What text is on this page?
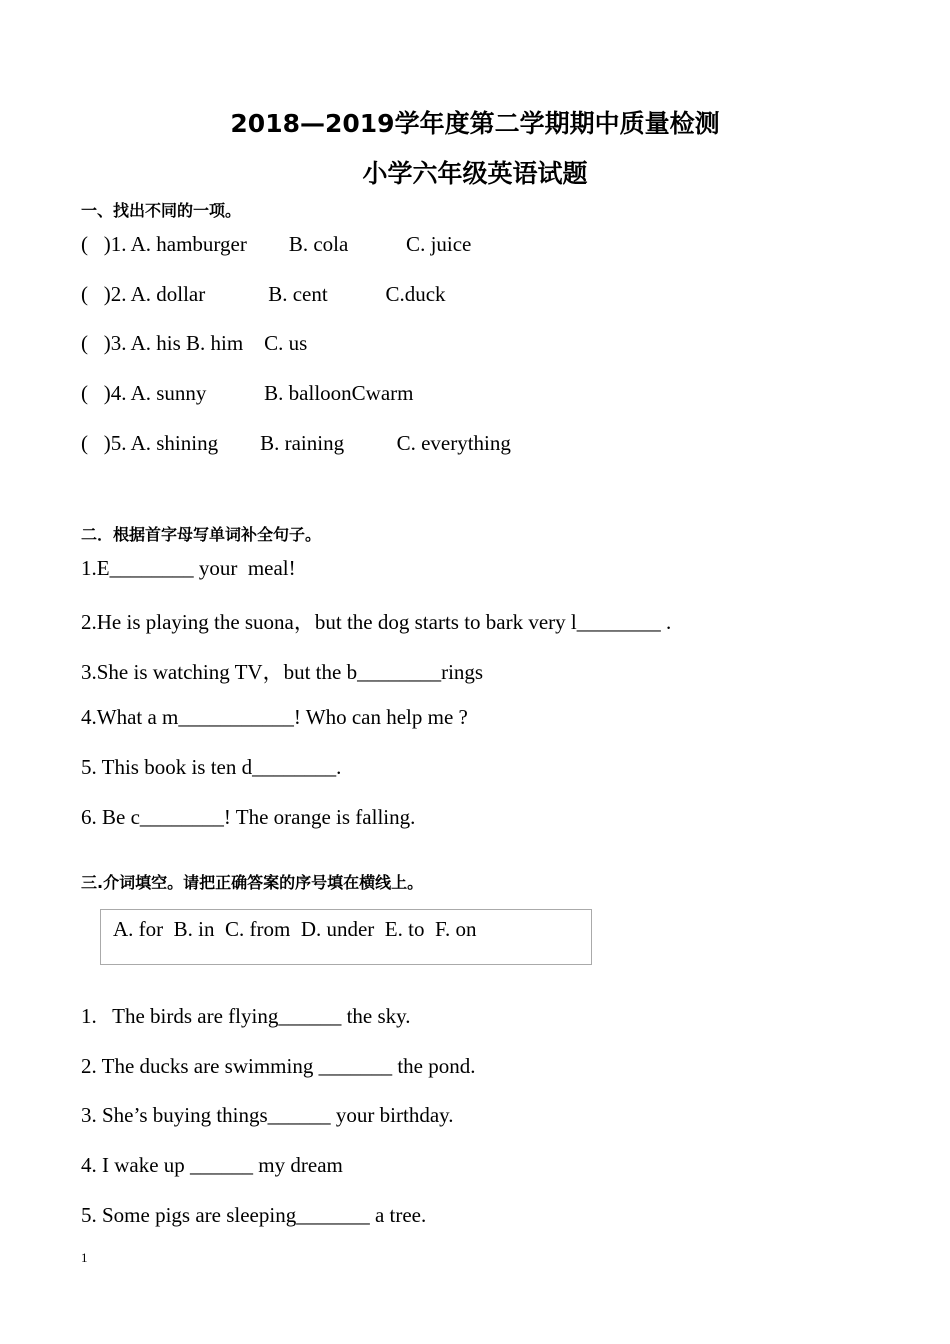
2018—2019学年度第二学期期中质量检测
小学六年级英语试题
一、找出不同的一项。
(   )1. A. hamburger        B. cola           C. juice
(   )2. A. dollar            B. cent           C.duck
(   )3. A. his B. him    C. us
(   )4. A. sunny           B. balloonCwarm
(   )5. A. shining        B. raining          C. everything
二．根据首字母写单词补全句子。
1.E________ your  meal!
2.He is playing the suona，but the dog starts to bark very l________ .
3.She is watching TV，but the b________rings
4.What a m___________! Who can help me ?
5. This book is ten d________.
6. Be c________! The orange is falling.
三.介词填空。请把正确答案的序号填在横线上。
A. for  B. in  C. from  D. under  E. to  F. on
1.   The birds are flying______ the sky.
2. The ducks are swimming _______ the pond.
3. She’s buying things______ your birthday.
4. I wake up ______ my dream
5. Some pigs are sleeping_______ a tree.
1
